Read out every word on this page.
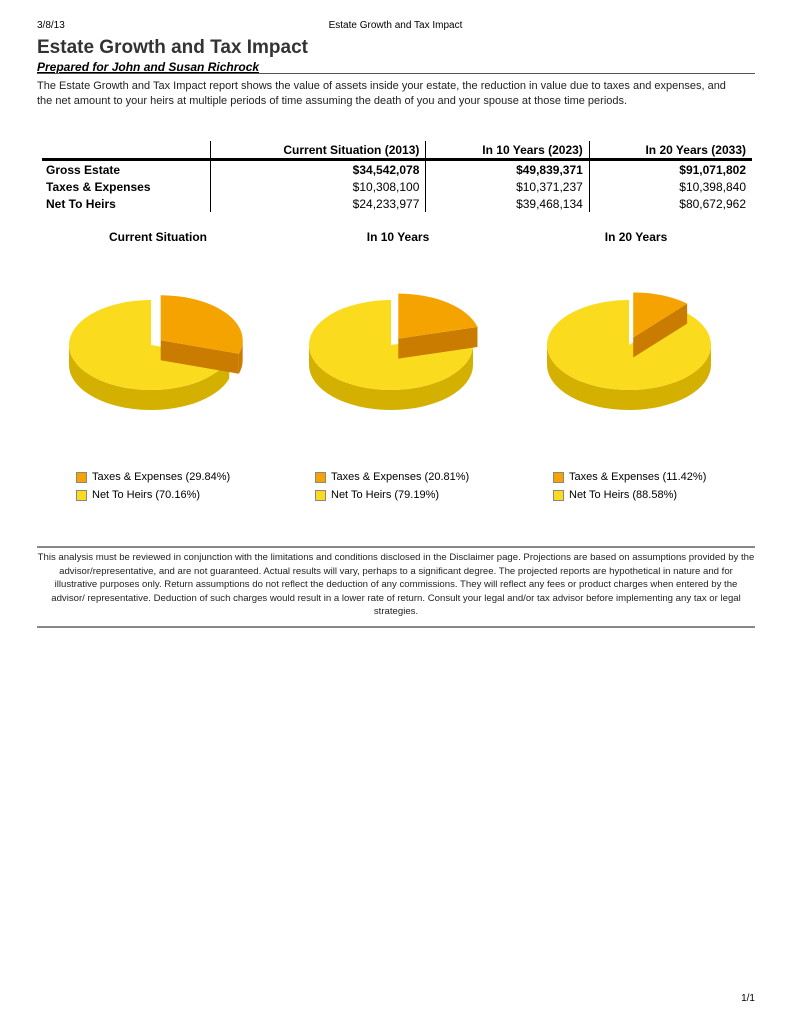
3/8/13	Estate Growth and Tax Impact
Estate Growth and Tax Impact
Prepared for John and Susan Richrock
The Estate Growth and Tax Impact report shows the value of assets inside your estate, the reduction in value due to taxes and expenses, and the net amount to your heirs at multiple periods of time assuming the death of you and your spouse at those time periods.
	Current Situation (2013)	In 10 Years (2023)	In 20 Years (2033)
Gross Estate	$34,542,078	$49,839,371	$91,071,802
Taxes & Expenses	$10,308,100	$10,371,237	$10,398,840
Net To Heirs	$24,233,977	$39,468,134	$80,672,962
Current Situation	In 10 Years	In 20 Years
Taxes & Expenses (29.84%)
Net To Heirs (70.16%)
Taxes & Expenses (20.81%)
Net To Heirs (79.19%)
Taxes & Expenses (11.42%)
Net To Heirs (88.58%)
This analysis must be reviewed in conjunction with the limitations and conditions disclosed in the Disclaimer page. Projections are based on assumptions provided by the advisor/representative, and are not guaranteed. Actual results will vary, perhaps to a significant degree. The projected reports are hypothetical in nature and for illustrative purposes only. Return assumptions do not reflect the deduction of any commissions. They will reflect any fees or product charges when entered by the advisor/ representative. Deduction of such charges would result in a lower rate of return. Consult your legal and/or tax advisor before implementing any tax or legal strategies.
1/1
